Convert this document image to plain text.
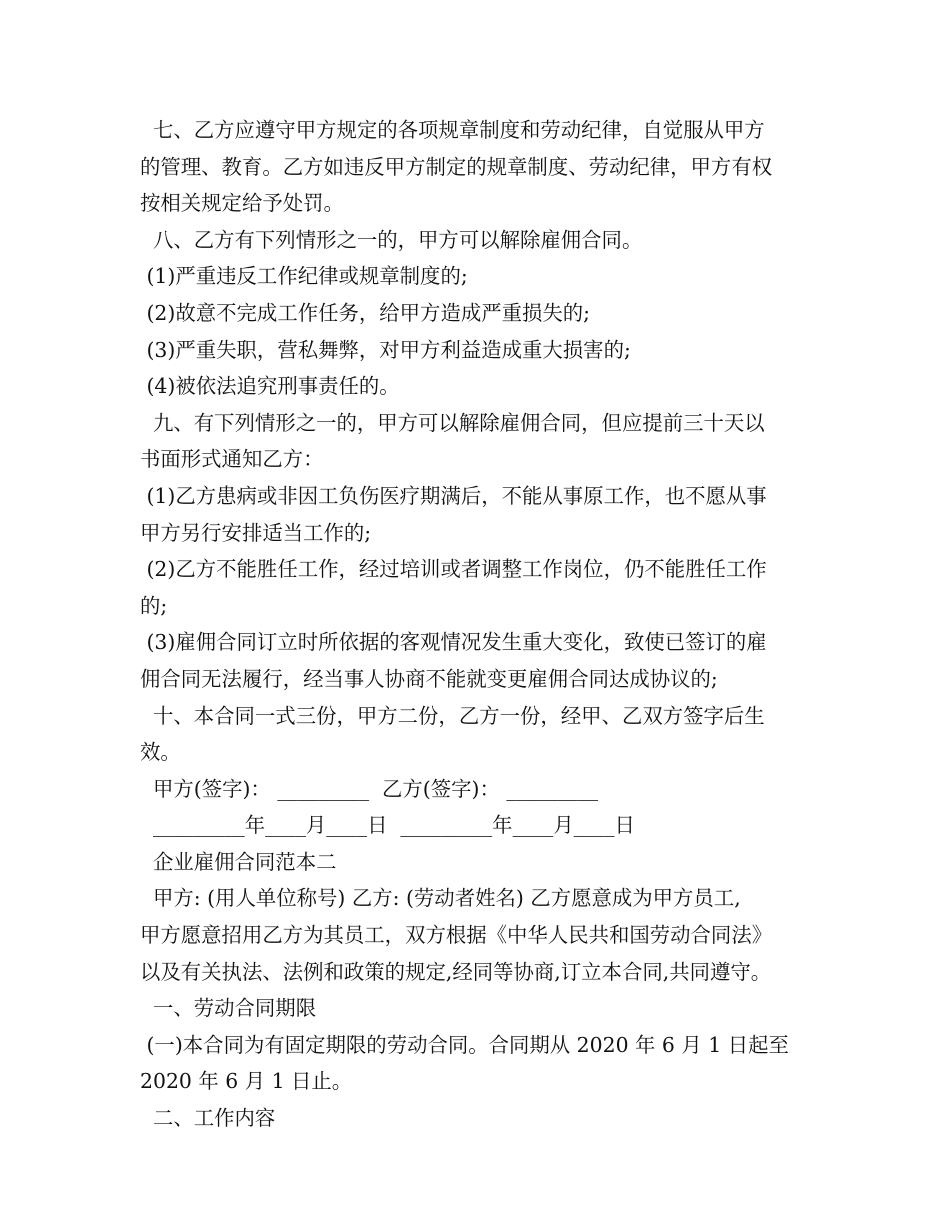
七、乙方应遵守甲方规定的各项规章制度和劳动纪律，自觉服从甲方
的管理、教育。乙方如违反甲方制定的规章制度、劳动纪律，甲方有权
按相关规定给予处罚。
八、乙方有下列情形之一的，甲方可以解除雇佣合同。
(1)严重违反工作纪律或规章制度的;
(2)故意不完成工作任务，给甲方造成严重损失的;
(3)严重失职，营私舞弊，对甲方利益造成重大损害的;
(4)被依法追究刑事责任的。
九、有下列情形之一的，甲方可以解除雇佣合同，但应提前三十天以
书面形式通知乙方：
(1)乙方患病或非因工负伤医疗期满后，不能从事原工作，也不愿从事
甲方另行安排适当工作的;
(2)乙方不能胜任工作，经过培训或者调整工作岗位，仍不能胜任工作
的;
(3)雇佣合同订立时所依据的客观情况发生重大变化，致使已签订的雇
佣合同无法履行，经当事人协商不能就变更雇佣合同达成协议的;
十、本合同一式三份，甲方二份，乙方一份，经甲、乙双方签字后生
效。
甲方(签字)： _________  乙方(签字)： _________
_________年____月____日  _________年____月____日
企业雇佣合同范本二
甲方: (用人单位称号) 乙方: (劳动者姓名) 乙方愿意成为甲方员工,
甲方愿意招用乙方为其员工，双方根据《中华人民共和国劳动合同法》
以及有关执法、法例和政策的规定,经同等协商,订立本合同,共同遵守。
一、劳动合同期限
(一)本合同为有固定期限的劳动合同。合同期从 2020 年 6 月 1 日起至
2020 年 6 月 1 日止。
二、工作内容
